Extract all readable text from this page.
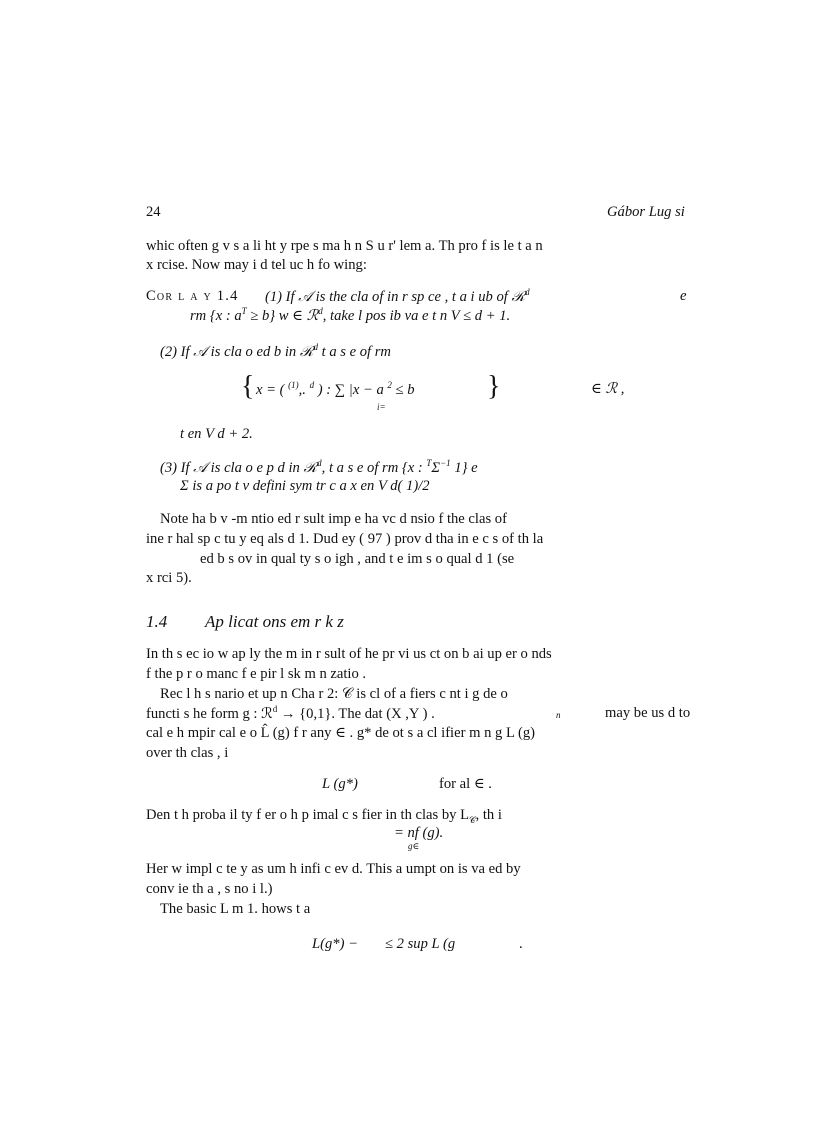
24	Gábor Lug si
whic often g v s a li ht y rpe s ma h n S u r' lem a. Th pro f is le t a n
x rcise. Now may i d tel uc h fo wing:
Cor l a y 1.4 (1) If 𝒜 is the cla of in r sp ce , t a i ub of ℛ$^d$	e
rm {x : $a^T \ge b$} w ∈ ℛ$^d$, take l pos ib va e t n V ≤ d + 1.
(2) If 𝒜 is cla o ed b in ℛ$^d$ t a s e of rm
{ x = ( $^{(1)}$,. $^d$ ) : ∑ |x − a $^2$ ≤ b
i=
}	∈ ℛ ,
t en V d + 2.
(3) If 𝒜 is cla o e p d in ℛ$^d$, t a s e of rm {x : $^T\Sigma^{-1}$ 1} e
Σ is a po t v defini sym tr c a x en V d( 1)/2
Note ha b v -m ntio ed r sult imp e ha vc d nsio f the clas of
ine r hal sp c tu y eq als d 1. Dud ey ( 97 ) prov d tha in e c s of th la
ed b s ov in qual ty s o igh , and t e im s o qual d 1 (se
x rci 5).
1.4 Ap licat ons em r k z
In th s ec io w ap ly the m in r sult of he pr vi us ct on b ai up er o nds
f the p r o manc f e pir l sk m n zatio .
Rec l h s nario et up n Cha r 2: 𝒞 is cl of a fiers c nt i g de o
functi s he form g : ℛ$^d$ → {0,1}. The dat (X ,Y ) .	n	may be us d to
cal e h mpir cal e o L̂ (g) f r any ∈ . g* de ot s a cl ifier m n g L (g)
over th clas , i
L (g*)	for al ∈ .
Den t h proba il ty f er o h p imal c s fier in th clas by $L_𝒞$, th i
= nf (g).
g∈
Her w impl c te y as um h infi c ev d. This a umpt on is va ed by
conv ie th a , s no i l.)
The basic L m 1. hows t a
L(g*) − ≤ 2 sup L (g	.
